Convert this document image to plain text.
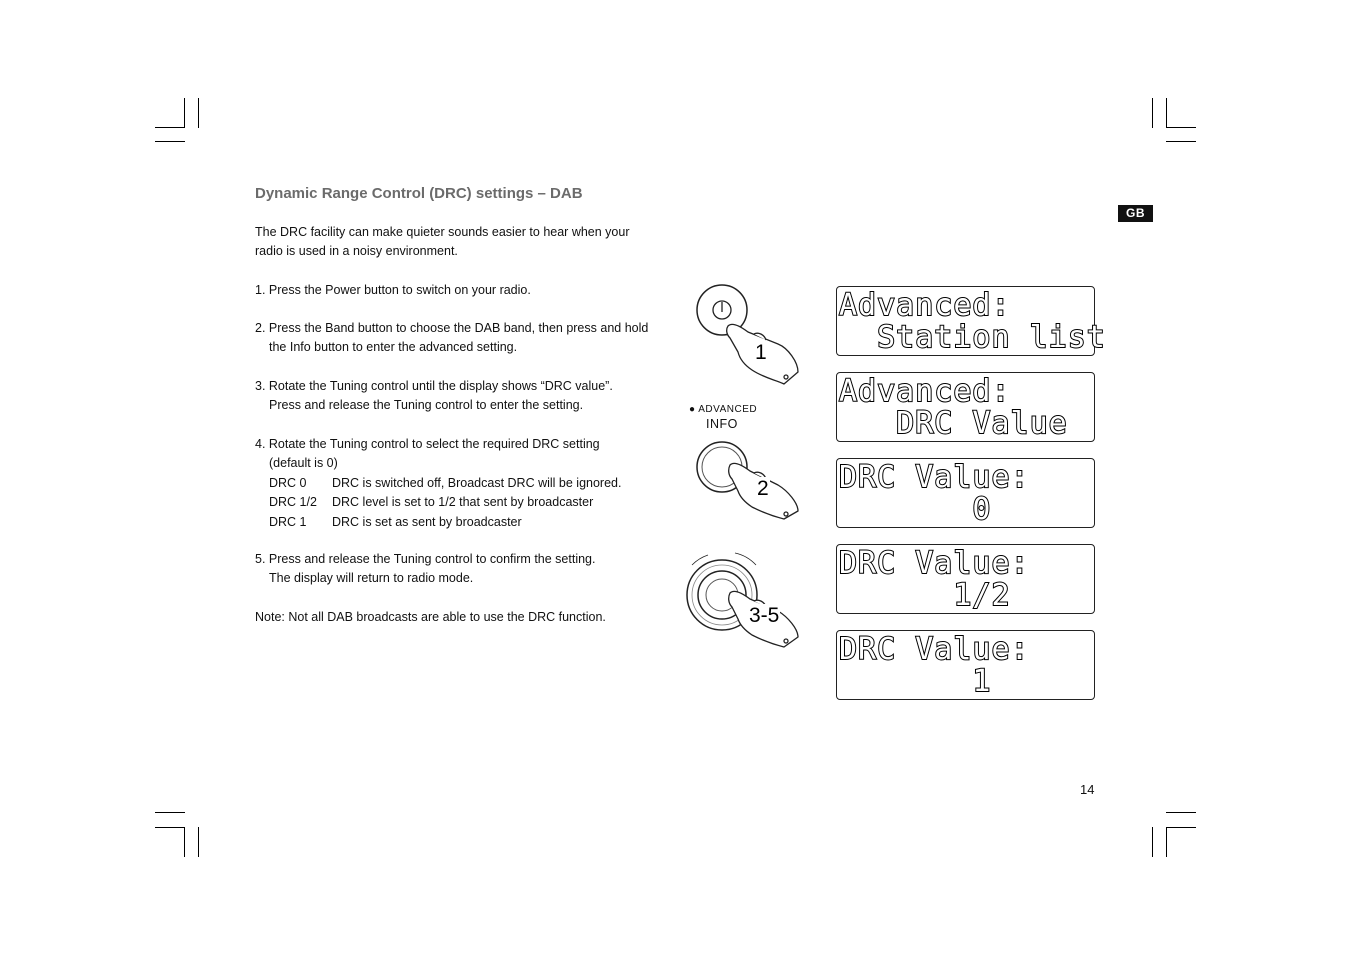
Dynamic Range Control (DRC) settings – DAB
GB

The DRC facility can make quieter sounds easier to hear when your
radio is used in a noisy environment.

1. Press the Power button to switch on your radio.

2. Press the Band button to choose the DAB band, then press and hold
the Info button to enter the advanced setting.

3. Rotate the Tuning control until the display shows “DRC value”.
Press and release the Tuning control to enter the setting.

4. Rotate the Tuning control to select the required DRC setting
(default is 0)

DRC 0 DRC is switched off, Broadcast DRC will be ignored.
DRC 1/2 DRC level is set to 1/2 that sent by broadcaster
DRC 1 DRC is set as sent by broadcaster

5. Press and release the Tuning control to confirm the setting.
The display will return to radio mode.

Note: Not all DAB broadcasts are able to use the DRC function.

1
● ADVANCED
INFO
2
3-5
Advanced:
Station list
Advanced:
DRC Value
DRC Value:
0
DRC Value:
1/2
DRC Value:
1
14
